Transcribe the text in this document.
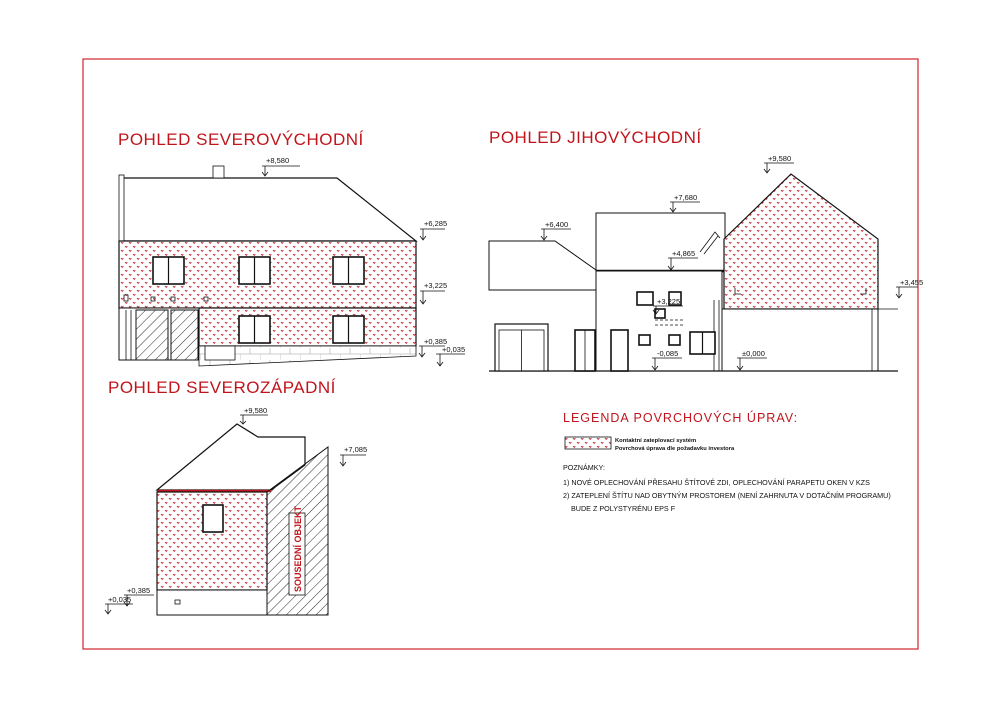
POHLED SEVEROVÝCHODNÍ
+8,580
+6,285
+3,225
+0,385
+0,035
POHLED JIHOVÝCHODNÍ
+9,580
+7,680
+6,400
+4,865
+3,225
-0,085	±0,000
+3,455
POHLED SEVEROZÁPADNÍ
SOUSEDNÍ OBJEKT
+9,580
+7,085
+0,385
+0,035
LEGENDA POVRCHOVÝCH ÚPRAV:
Kontaktní zateplovací systém
Povrchová úprava dle požadavku investora
POZNÁMKY:
1) NOVÉ OPLECHOVÁNÍ PŘESAHU ŠTÍTOVÉ ZDI, OPLECHOVÁNÍ PARAPETU OKEN V KZS
2) ZATEPLENÍ ŠTÍTU NAD OBYTNÝM PROSTOREM (NENÍ ZAHRNUTA V DOTAČNÍM PROGRAMU)
BUDE Z POLYSTYRÉNU EPS F
